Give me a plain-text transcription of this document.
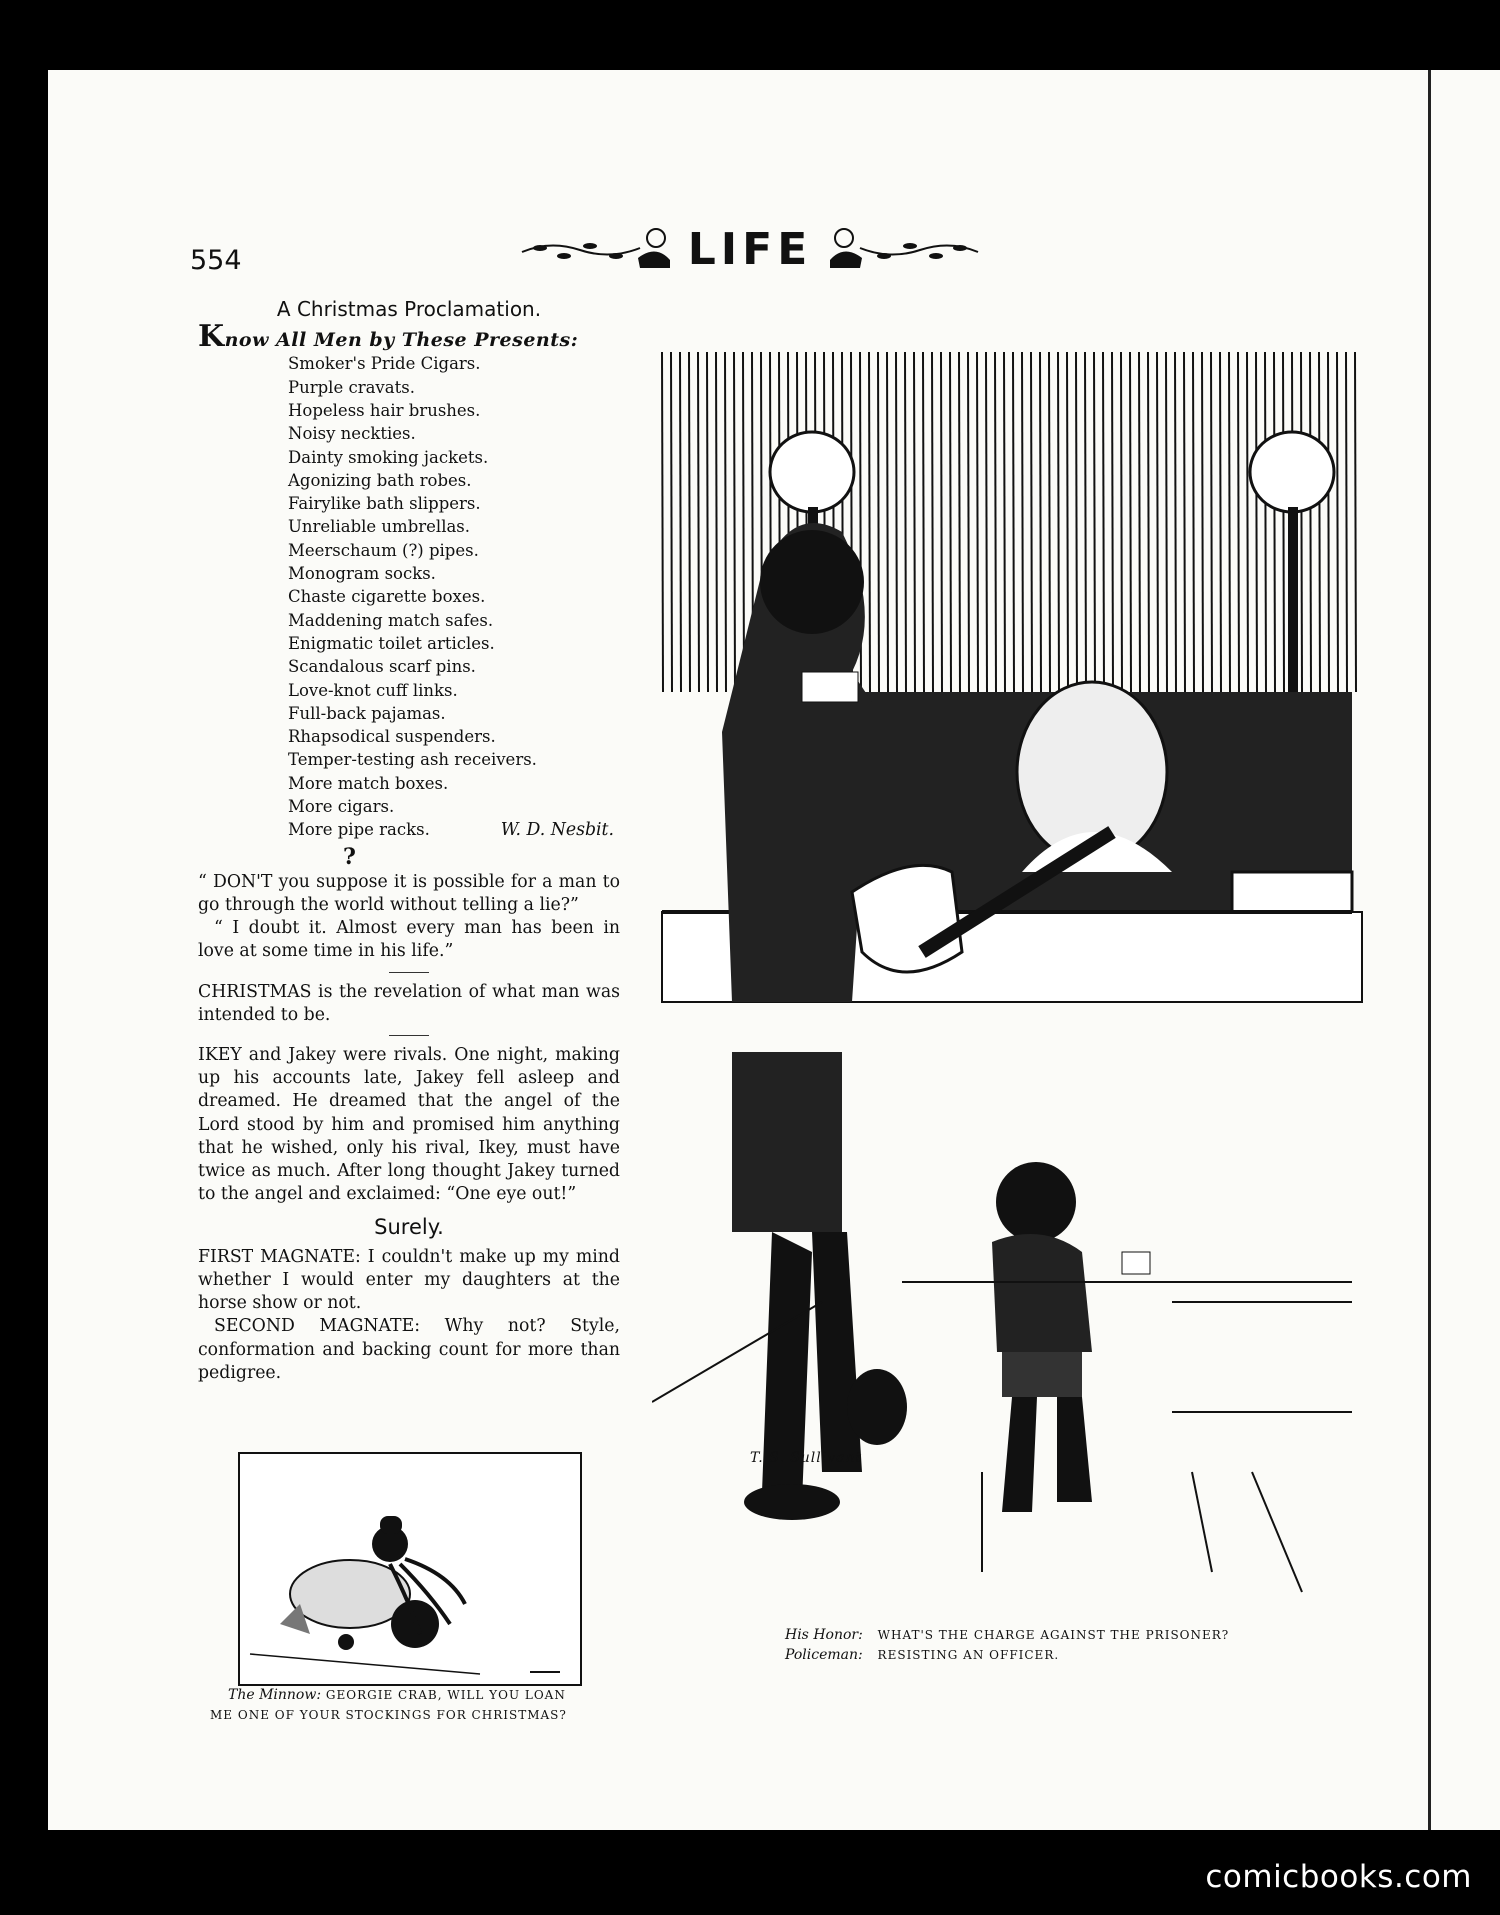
554	LIFE
A Christmas Proclamation.
Know All Men by These Presents:
Smoker's Pride Cigars.
Purple cravats.
Hopeless hair brushes.
Noisy neckties.
Dainty smoking jackets.
Agonizing bath robes.
Fairylike bath slippers.
Unreliable umbrellas.
Meerschaum (?) pipes.
Monogram socks.
Chaste cigarette boxes.
Maddening match safes.
Enigmatic toilet articles.
Scandalous scarf pins.
Love-knot cuff links.
Full-back pajamas.
Rhapsodical suspenders.
Temper-testing ash receivers.
More match boxes.
More cigars.
More pipe racks.	W. D. Nesbit.
?

“ DON'T you suppose it is possible for a man to go through the world without telling a lie?”

“ I doubt it. Almost every man has been in love at some time in his life.”

CHRISTMAS is the revelation of what man was intended to be.

IKEY and Jakey were rivals. One night, making up his accounts late, Jakey fell asleep and dreamed. He dreamed that the angel of the Lord stood by him and promised him anything that he wished, only his rival, Ikey, must have twice as much. After long thought Jakey turned to the angel and exclaimed: “One eye out!”

Surely.

FIRST MAGNATE: I couldn't make up my mind whether I would enter my daughters at the horse show or not.

SECOND MAGNATE: Why not? Style, conformation and backing count for more than pedigree.

The Minnow: GEORGIE CRAB, WILL YOU LOAN
ME ONE OF YOUR STOCKINGS FOR CHRISTMAS?
T. S. Sullivant
His Honor: WHAT'S THE CHARGE AGAINST THE PRISONER?
Policeman: RESISTING AN OFFICER.
comicbooks.com
